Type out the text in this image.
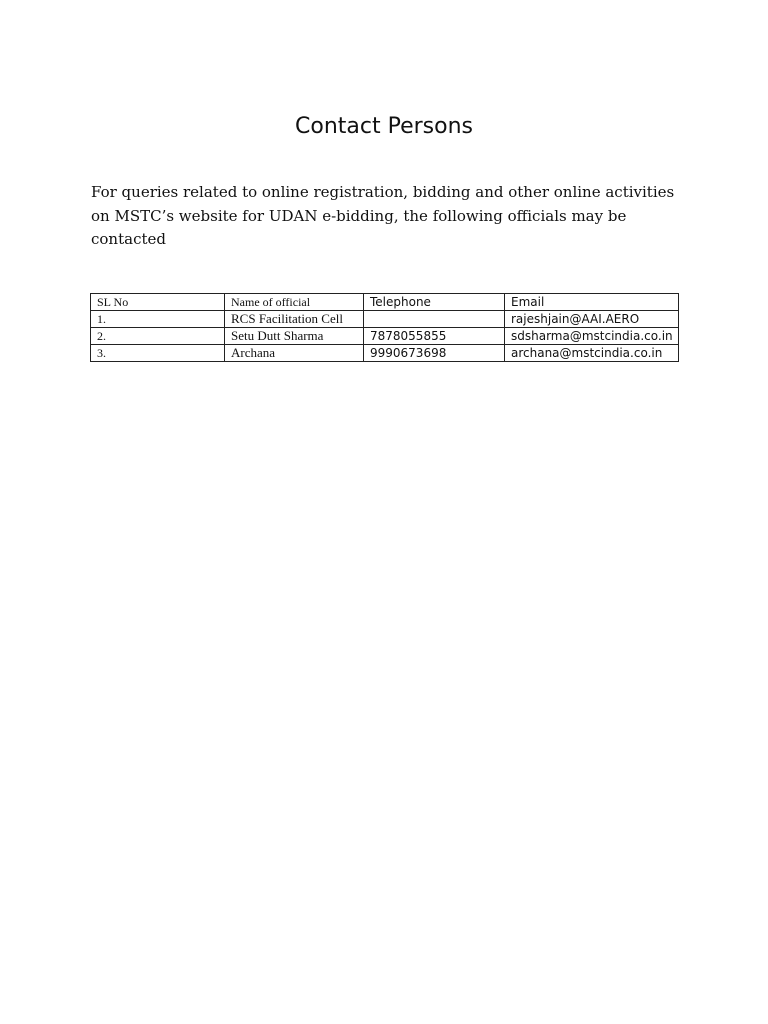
Contact Persons

For queries related to online registration, bidding and other online activities on MSTC’s website for UDAN e-bidding, the following officials may be contacted

SL No	Name of official	Telephone	Email
1.	RCS Facilitation Cell		rajeshjain@AAI.AERO
2.	Setu Dutt Sharma	7878055855	sdsharma@mstcindia.co.in
3.	Archana	9990673698	archana@mstcindia.co.in
